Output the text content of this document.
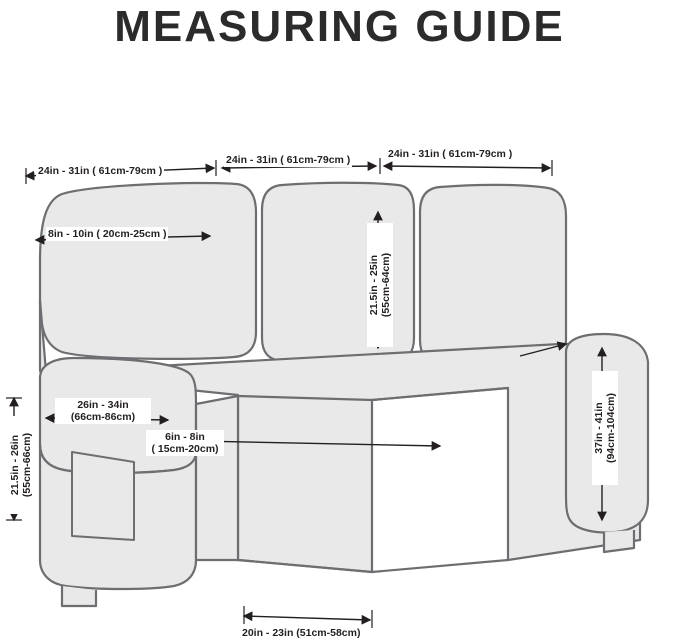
MEASURING GUIDE
24in - 31in ( 61cm-79cm )
24in - 31in ( 61cm-79cm )	24in - 31in ( 61cm-79cm )
8in - 10in ( 20cm-25cm )
21.5in - 25in
(55cm-64cm)
26in - 34in
(66cm-86cm)
6in - 8in
( 15cm-20cm)
21.5in - 26in
(55cm-66cm)
37in - 41in
(94cm-104cm)
20in - 23in (51cm-58cm)
